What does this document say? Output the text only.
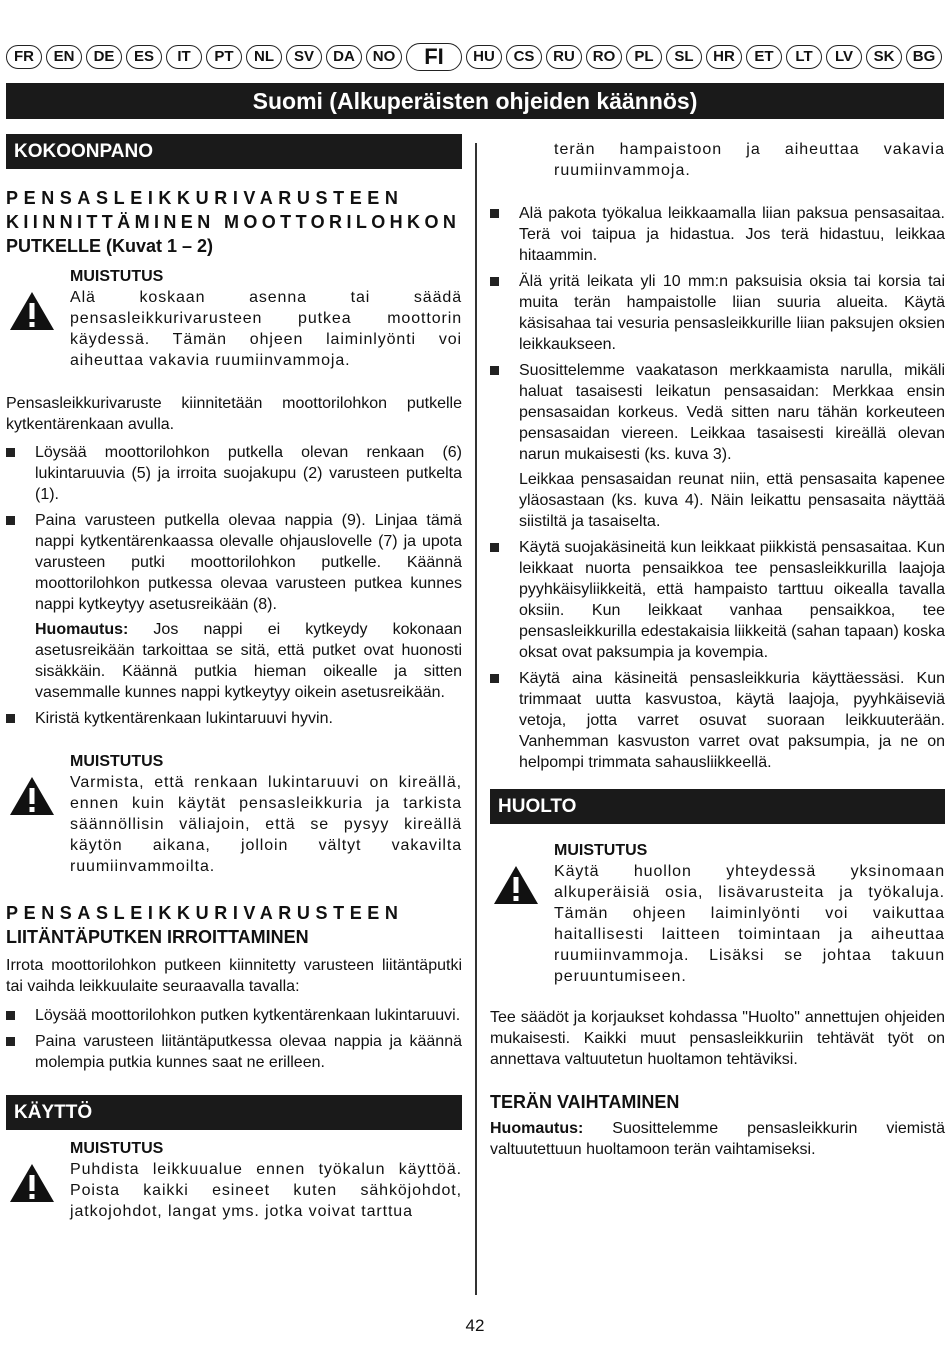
FR	EN	DE	ES	IT	PT	NL	SV	DA	NO	FI	HU	CS	RU	RO	PL	SL	HR	ET	LT	LV	SK	BG
Suomi (Alkuperäisten ohjeiden käännös)
KOKOONPANO
PENSASLEIKKURIVARUSTEEN
KIINNITTÄMINEN MOOTTORILOHKON
PUTKELLE (Kuvat 1 – 2)
MUISTUTUS

Alä koskaan asenna tai säädä pensasleikkurivarusteen putkea moottorin käydessä. Tämän ohjeen laiminlyönti voi aiheuttaa vakavia ruumiinvammoja.

Pensasleikkurivaruste kiinnitetään moottorilohkon putkelle kytkentärenkaan avulla.

Löysää moottorilohkon putkella olevan renkaan (6) lukintaruuvia (5) ja irroita suojakupu (2) varusteen putkelta (1).
Paina varusteen putkella olevaa nappia (9). Linjaa tämä nappi kytkentärenkaassa olevalle ohjauslovelle (7) ja upota varusteen putki moottorilohkon putkelle. Käännä moottorilohkon putkessa olevaa varusteen putkea kunnes nappi kytkeytyy asetusreikään (8).

Huomautus: Jos nappi ei kytkeydy kokonaan asetusreikään tarkoittaa se sitä, että putket ovat huonosti sisäkkäin. Käännä putkia hieman oikealle ja sitten vasemmalle kunnes nappi kytkeytyy oikein asetusreikään.

Kiristä kytkentärenkaan lukintaruuvi hyvin.
MUISTUTUS

Varmista, että renkaan lukintaruuvi on kireällä, ennen kuin käytät pensasleikkuria ja tarkista säännöllisin väliajoin, että se pysyy kireällä käytön aikana, jolloin vältyt vakavilta ruumiinvammoilta.

PENSASLEIKKURIVARUSTEEN
LIITÄNTÄPUTKEN IRROITTAMINEN

Irrota moottorilohkon putkeen kiinnitetty varusteen liitäntäputki tai vaihda leikkuulaite seuraavalla tavalla:

Löysää moottorilohkon putken kytkentärenkaan lukintaruuvi.
Paina varusteen liitäntäputkessa olevaa nappia ja käännä molempia putkia kunnes saat ne erilleen.
KÄYTTÖ
MUISTUTUS

Puhdista leikkuualue ennen työkalun käyttöä. Poista kaikki esineet kuten sähköjohdot, jatkojohdot, langat yms. jotka voivat tarttua

terän hampaistoon ja aiheuttaa vakavia ruumiinvammoja.

Alä pakota työkalua leikkaamalla liian paksua pensasaitaa. Terä voi taipua ja hidastua. Jos terä hidastuu, leikkaa hitaammin.
Älä yritä leikata yli 10 mm:n paksuisia oksia tai korsia tai muita terän hampaistolle liian suuria alueita. Käytä käsisahaa tai vesuria pensasleikkurille liian paksujen oksien leikkaukseen.
Suosittelemme vaakatason merkkaamista narulla, mikäli haluat tasaisesti leikatun pensasaidan: Merkkaa ensin pensasaidan korkeus. Vedä sitten naru tähän korkeuteen pensasaidan viereen. Leikkaa tasaisesti kireällä olevan narun mukaisesti (ks. kuva 3).

Leikkaa pensasaidan reunat niin, että pensasaita kapenee yläosastaan (ks. kuva 4). Näin leikattu pensasaita näyttää siistiltä ja tasaiselta.

Käytä suojakäsineitä kun leikkaat piikkistä pensasaitaa. Kun leikkaat nuorta pensaikkoa tee pensasleikkurilla laajoja pyyhkäisyliikkeitä, että hampaisto tarttuu oikealla tavalla oksiin. Kun leikkaat vanhaa pensaikkoa, tee pensasleikkurilla edestakaisia liikkeitä (sahan tapaan) koska oksat ovat paksumpia ja kovempia.
Käytä aina käsineitä pensasleikkuria käyttäessäsi. Kun trimmaat uutta kasvustoa, käytä laajoja, pyyhkäiseviä vetoja, jotta varret osuvat suoraan leikkuuterään. Vanhemman kasvuston varret ovat paksumpia, ja ne on helpompi trimmata sahausliikkeellä.
HUOLTO
MUISTUTUS

Käytä huollon yhteydessä yksinomaan alkuperäisiä osia, lisävarusteita ja työkaluja. Tämän ohjeen laiminlyönti voi vaikuttaa haitallisesti laitteen toimintaan ja aiheuttaa ruumiinvammoja. Lisäksi se johtaa takuun peruuntumiseen.

Tee säädöt ja korjaukset kohdassa "Huolto" annettujen ohjeiden mukaisesti. Kaikki muut pensasleikkuriin tehtävät työt on annettava valtuutetun huoltamon tehtäviksi.

TERÄN VAIHTAMINEN

Huomautus: Suosittelemme pensasleikkurin viemistä valtuutettuun huoltamoon terän vaihtamiseksi.

42
